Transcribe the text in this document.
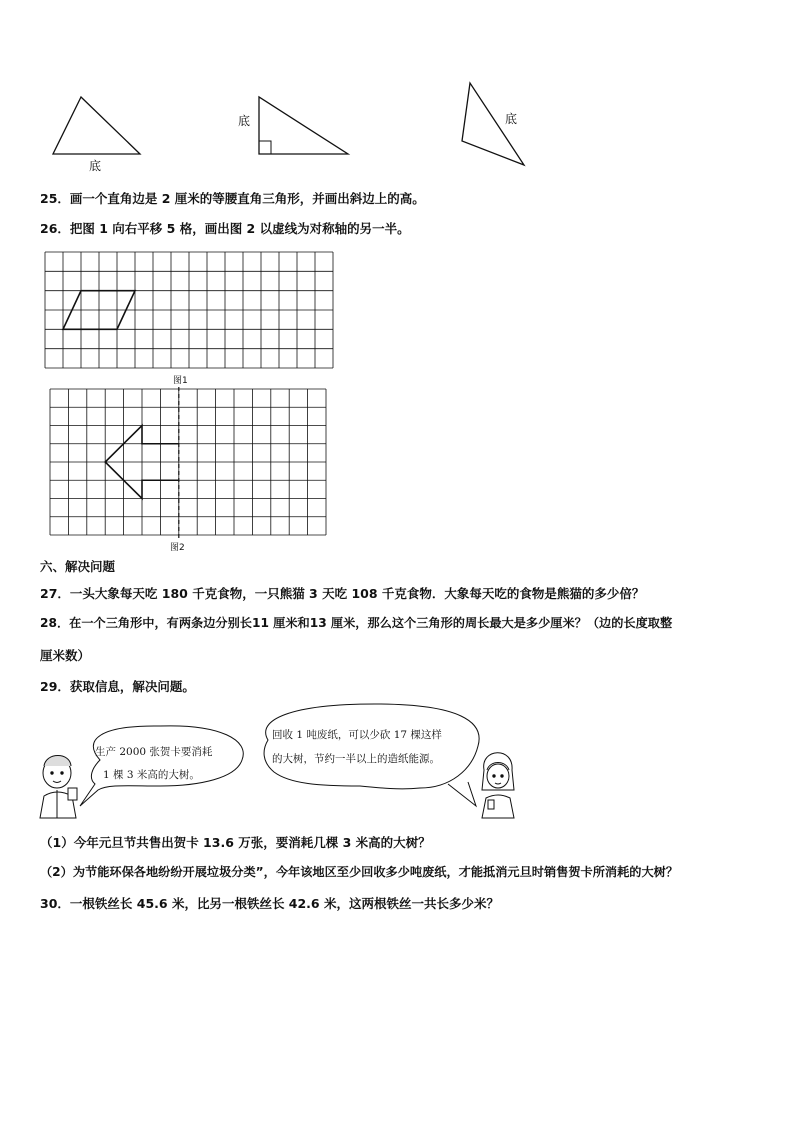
底
底	底
25．画一个直角边是 2 厘米的等腰直角三角形，并画出斜边上的高。
26．把图 1 向右平移 5 格，画出图 2 以虚线为对称轴的另一半。
图1
图2
六、解决问题
27．一头大象每天吃 180 千克食物，一只熊猫 3 天吃 108 千克食物．大象每天吃的食物是熊猫的多少倍？
28．在一个三角形中，有两条边分别长11 厘米和13 厘米，那么这个三角形的周长最大是多少厘米？（边的长度取整
厘米数）
29．获取信息，解决问题。
生产 2000 张贺卡要消耗
1 棵 3 米高的大树。
回收 1 吨废纸，可以少砍 17 棵这样
的大树，节约一半以上的造纸能源。
（1）今年元旦节共售出贺卡 13.6 万张，要消耗几棵 3 米高的大树？
（2）为节能环保各地纷纷开展垃圾分类”，今年该地区至少回收多少吨废纸，才能抵消元旦时销售贺卡所消耗的大树？
30．一根铁丝长 45.6 米，比另一根铁丝长 42.6 米，这两根铁丝一共长多少米？
